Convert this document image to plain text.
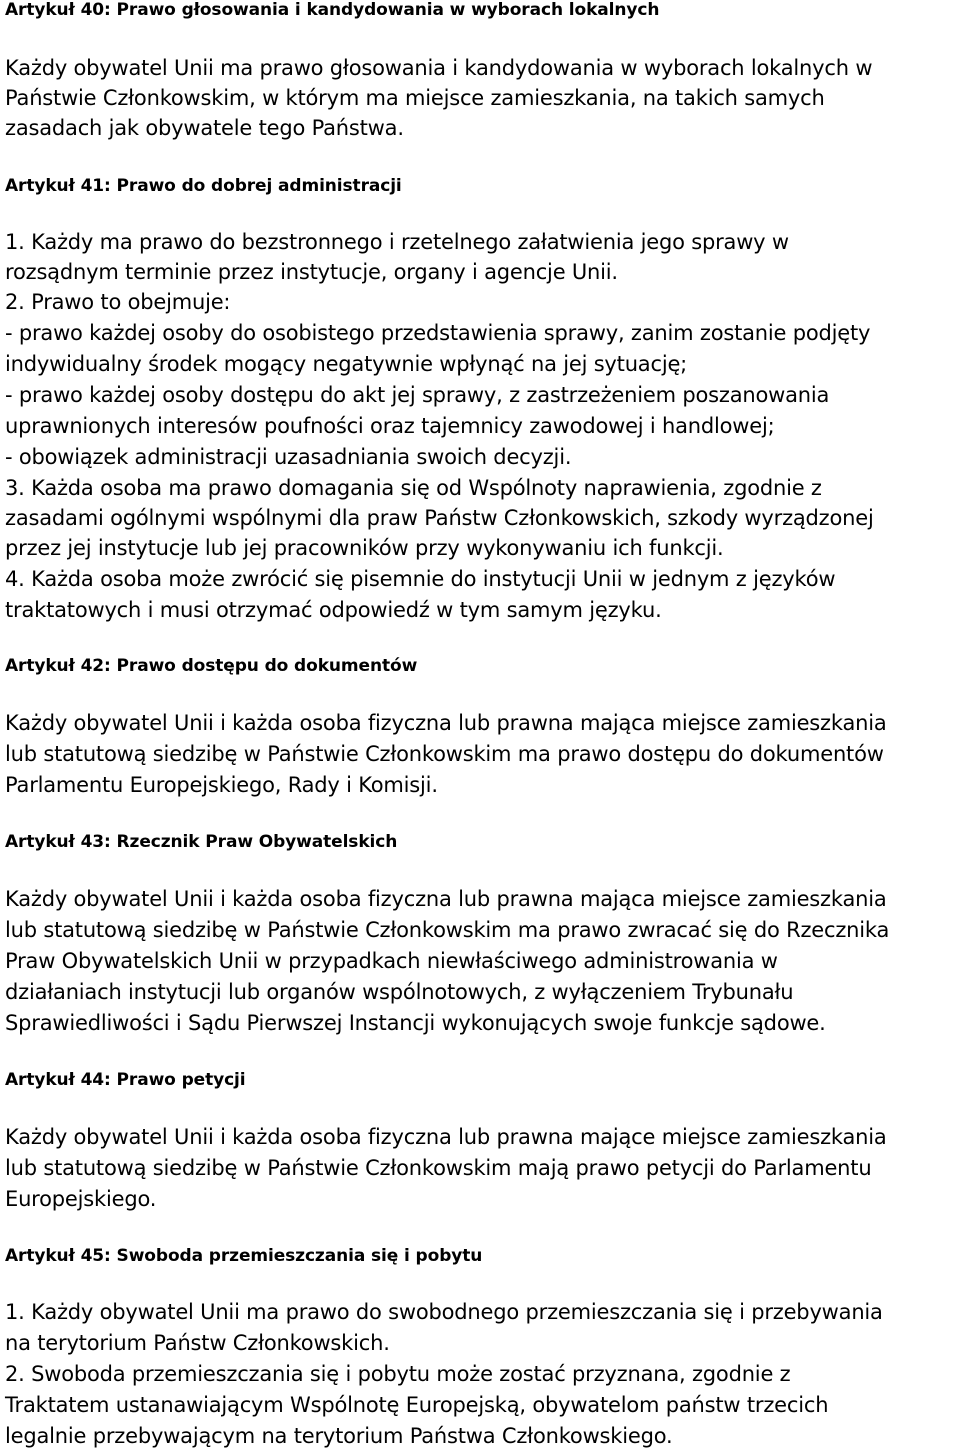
Artykuł 40: Prawo głosowania i kandydowania w wyborach lokalnych
Każdy obywatel Unii ma prawo głosowania i kandydowania w wyborach lokalnych w
Państwie Członkowskim, w którym ma miejsce zamieszkania, na takich samych
zasadach jak obywatele tego Państwa.
Artykuł 41: Prawo do dobrej administracji
1. Każdy ma prawo do bezstronnego i rzetelnego załatwienia jego sprawy w
rozsądnym terminie przez instytucje, organy i agencje Unii.
2. Prawo to obejmuje:
- prawo każdej osoby do osobistego przedstawienia sprawy, zanim zostanie podjęty
indywidualny środek mogący negatywnie wpłynąć na jej sytuację;
- prawo każdej osoby dostępu do akt jej sprawy, z zastrzeżeniem poszanowania
uprawnionych interesów poufności oraz tajemnicy zawodowej i handlowej;
- obowiązek administracji uzasadniania swoich decyzji.
3. Każda osoba ma prawo domagania się od Wspólnoty naprawienia, zgodnie z
zasadami ogólnymi wspólnymi dla praw Państw Członkowskich, szkody wyrządzonej
przez jej instytucje lub jej pracowników przy wykonywaniu ich funkcji.
4. Każda osoba może zwrócić się pisemnie do instytucji Unii w jednym z języków
traktatowych i musi otrzymać odpowiedź w tym samym języku.
Artykuł 42: Prawo dostępu do dokumentów
Każdy obywatel Unii i każda osoba fizyczna lub prawna mająca miejsce zamieszkania
lub statutową siedzibę w Państwie Członkowskim ma prawo dostępu do dokumentów
Parlamentu Europejskiego, Rady i Komisji.
Artykuł 43: Rzecznik Praw Obywatelskich
Każdy obywatel Unii i każda osoba fizyczna lub prawna mająca miejsce zamieszkania
lub statutową siedzibę w Państwie Członkowskim ma prawo zwracać się do Rzecznika
Praw Obywatelskich Unii w przypadkach niewłaściwego administrowania w
działaniach instytucji lub organów wspólnotowych, z wyłączeniem Trybunału
Sprawiedliwości i Sądu Pierwszej Instancji wykonujących swoje funkcje sądowe.
Artykuł 44: Prawo petycji
Każdy obywatel Unii i każda osoba fizyczna lub prawna mające miejsce zamieszkania
lub statutową siedzibę w Państwie Członkowskim mają prawo petycji do Parlamentu
Europejskiego.
Artykuł 45: Swoboda przemieszczania się i pobytu
1. Każdy obywatel Unii ma prawo do swobodnego przemieszczania się i przebywania
na terytorium Państw Członkowskich.
2. Swoboda przemieszczania się i pobytu może zostać przyznana, zgodnie z
Traktatem ustanawiającym Wspólnotę Europejską, obywatelom państw trzecich
legalnie przebywającym na terytorium Państwa Członkowskiego.
